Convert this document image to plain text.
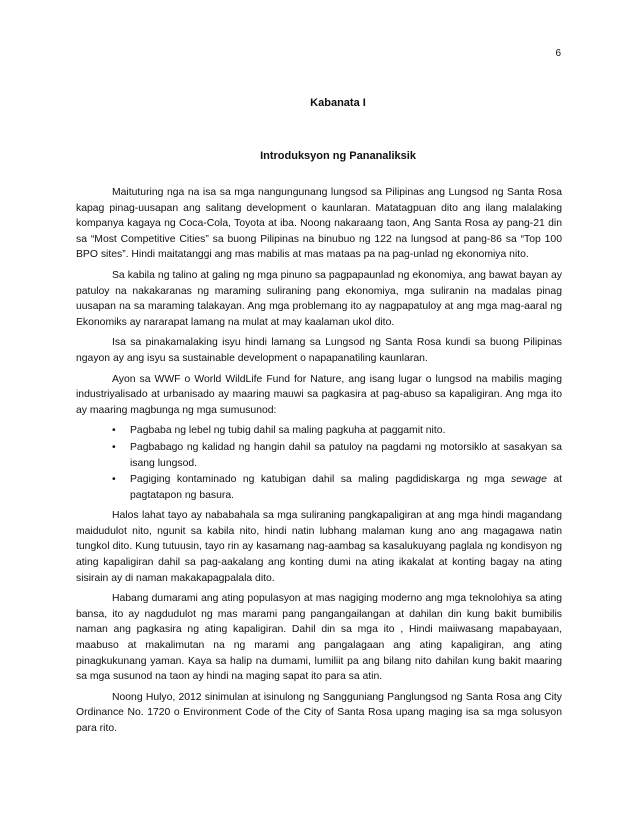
6
Kabanata I
Introduksyon ng Pananaliksik

Maituturing nga na isa sa mga nangungunang lungsod sa Pilipinas ang Lungsod ng Santa Rosa kapag pinag-uusapan ang salitang development o kaunlaran. Matatagpuan dito ang ilang malalaking kompanya kagaya ng Coca-Cola, Toyota at iba. Noong nakaraang taon, Ang Santa Rosa ay pang-21 din sa “Most Competitive Cities” sa buong Pilipinas na binubuo ng 122 na lungsod at pang-86 sa “Top 100 BPO sites”. Hindi maitatanggi ang mas mabilis at mas mataas pa na pag-unlad ng ekonomiya nito.

Sa kabila ng talino at galing ng mga pinuno sa pagpapaunlad ng ekonomiya, ang bawat bayan ay patuloy na nakakaranas ng maraming suliraning pang ekonomiya, mga suliranin na madalas pinag uusapan na sa maraming talakayan. Ang mga problemang ito ay nagpapatuloy at ang mga mag-aaral ng Ekonomiks ay nararapat lamang na mulat at may kaalaman ukol dito.

Isa sa pinakamalaking isyu hindi lamang sa Lungsod ng Santa Rosa kundi sa buong Pilipinas ngayon ay ang isyu sa sustainable development o napapanatiling kaunlaran.

Ayon sa WWF o World WildLife Fund for Nature, ang isang lugar o lungsod na mabilis maging industriyalisado at urbanisado ay maaring mauwi sa pagkasira at pag-abuso sa kapaligiran. Ang mga ito ay maaring magbunga ng mga sumusunod:

• Pagbaba ng lebel ng tubig dahil sa maling pagkuha at paggamit nito.
• Pagbabago ng kalidad ng hangin dahil sa patuloy na pagdami ng motorsiklo at sasakyan sa isang lungsod.
• Pagiging kontaminado ng katubigan dahil sa maling pagdidiskarga ng mga sewage at pagtatapon ng basura.

Halos lahat tayo ay nababahala sa mga suliraning pangkapaligiran at ang mga hindi magandang maidudulot nito, ngunit sa kabila nito, hindi natin lubhang malaman kung ano ang magagawa natin tungkol dito. Kung tutuusin, tayo rin ay kasamang nag-aambag sa kasalukuyang paglala ng kondisyon ng ating kapaligiran dahil sa pag-aakalang ang konting dumi na ating ikakalat at konting bagay na ating sisirain ay di naman makakapagpalala dito.

Habang dumarami ang ating populasyon at mas nagiging moderno ang mga teknolohiya sa ating bansa, ito ay nagdudulot ng mas marami pang pangangailangan at dahilan din kung bakit bumibilis naman ang pagkasira ng ating kapaligiran. Dahil din sa mga ito , Hindi maiiwasang mapabayaan, maabuso at makalimutan na ng marami ang pangalagaan ang ating kapaligiran, ang ating pinagkukunang yaman. Kaya sa halip na dumami, lumiliit pa ang bilang nito dahilan kung bakit maaring sa mga susunod na taon ay hindi na maging sapat ito para sa atin.

Noong Hulyo, 2012 sinimulan at isinulong ng Sangguniang Panglungsod ng Santa Rosa ang City Ordinance No. 1720 o Environment Code of the City of Santa Rosa upang maging isa sa mga solusyon para rito.
